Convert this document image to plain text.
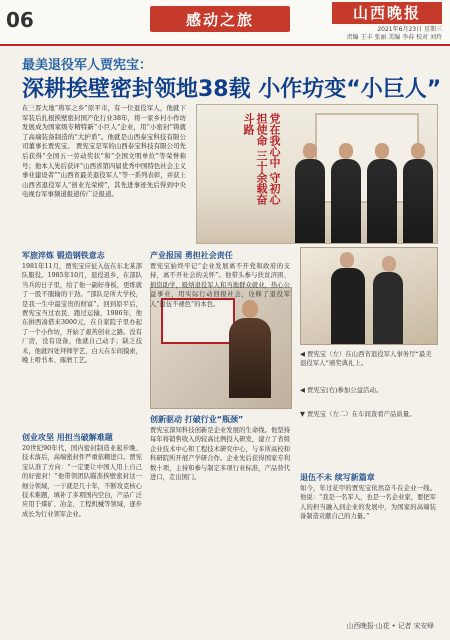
06	感动之旅	山西晚报
2021年6月23日 星期三
责编 王丰 张丽 美编 李春 校对 刘玲
最美退役军人贾宪宝：
深耕挨壁密封领地38载 小作坊变“小巨人”
在三晋大地“将军之乡”原平市，有一位退役军人，他就下军装后扎根挨壁密封国产化行业38年，将一家乡村小作坊发展成为国家级专精特新“小巨人”企业，用“小密封”铸就了高端装备制造的“大护盾”。他就是山西泰宝科技有限公司董事长贾宪宝。 贾宪宝是军的山西泰宝科技有限公司先后获得“全国五一劳动奖状”和“全国文明单位”等荣誉称号；他本人先后获评“山西省第四届优秀中国特色社会主义事业建设者”“山西省最美退役军人”等一系列表彰，并获上山西省退役军人“创业光荣榜”，其先进事迹先后得到中央电视台军事频道报道传广泛报道。	党在我心中 守初心 担使命 三十余载奋斗路
军旅淬炼 锻造钢铁意志
1981年11月，贾宪宝应征入伍在东北某部队服役。1985年10月，退役返乡，在部队当兵的日子里，给了他一副好身板，更练就了一股不服输的干劲。“部队是所大学校，是我一生中最宝贵的财富”。回到原平后，贾宪宝当过农民、跑过运输，1986年，他东拼西凑借来3000元，在自家院子里办起了一个小作坊，开始了艰苦创业之路。没有厂房，没有设备，他就自己动手；缺乏技术，他就四处拜师学艺，白天在车间摸索，晚上啃书本、琢磨工艺。
创业攻坚 用担当破解难题
20世纪90年代，国内密封制造业起步晚、技术落后，高端密封件严重依赖进口。贾宪宝认准了方向：“一定要让中国人用上自己的好密封！”他带领团队瞄准挨壁密封这一细分领域，一干就是几十年，不断攻克核心技术难题，填补了多项国内空白，产品广泛应用于煤矿、冶金、工程机械等领域，逐步成长为行业领军企业。
创新驱动 打破行业“瓶颈”
贾宪宝深知科技创新是企业发展的生命线。他坚持每年将销售收入的较高比例投入研发，建立了省级企业技术中心和工程技术研究中心，与多所高校和科研院所开展产学研合作。企业先后获得国家专利数十项，主持和参与制定多项行业标准，产品替代进口，走出国门。
产业报国 勇担社会责任
贾宪宝始终牢记“企业发展离不开党和政府的支持，离不开社会的关怀”。他带头参与扶贫济困、捐资助学，吸纳退役军人和当地群众就业，热心公益事业，用实际行动回报社会，诠释了退役军人“退伍不褪色”的本色。
◀ 贾宪宝（左）在山西省退役军人事务厅“最美退役军人”颁奖典礼上。
◀ 贾宪宝(右)参加公益活动。
▼ 贾宪宝（左二）在车间查看产品质量。
退伍不未 续写新篇章
如今，年过花甲的贾宪宝依然奋斗在企业一线。他说：“我是一名军人，也是一名企业家，要把军人的担当融入到企业的发展中，为国家的高端装备制造贡献自己的力量。”
山西晚报·山花 • 记者 宋安峰
